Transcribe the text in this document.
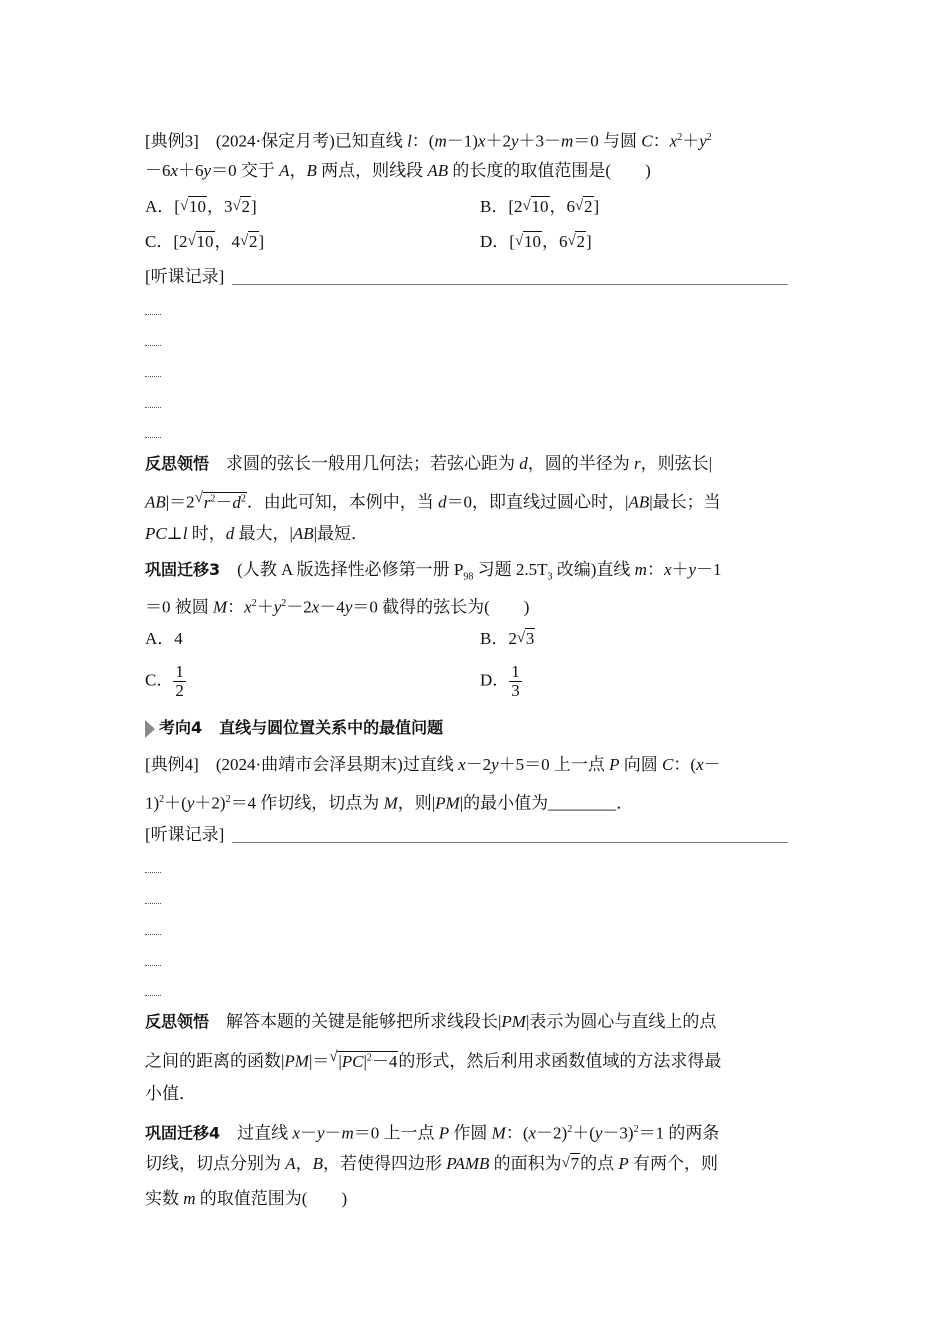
[典例3]　 (2024·保定月考)已知直线 l：(m－1)x＋2y＋3－m＝0 与圆 C：$x^2+y^2$
－6x＋6y＝0 交于 A，B 两点，则线段 AB 的长度的取值范围是(　　)
A．[ √ 10，3 √ 2]	B．[2 √ 10，6 √ 2]
C．[2 √ 10，4 √ 2]	D．[ √ 10，6 √ 2]
[听课记录]
反思领悟　求圆的弦长一般用几何法；若弦心距为 d，圆的半径为 r，则弦长|
AB|＝2 √ $r^2-d^2$．由此可知，本例中，当 d＝0，即直线过圆心时，|AB|最长；当
PC⊥l 时，d 最大，|AB|最短．
巩固迁移3　(人教 A 版选择性必修第一册 $P_{98}$ 习题 $2.5T_3$ 改编)直线 m：x＋y－1
＝0 被圆 M：$x^2+y^2-2x-4y=0$ 截得的弦长为(　　)
A．4	B．2 √ 3
C． $\frac{1}{2}$	D． $\frac{1}{3}$
考向4　 直线与圆位置关系中的最值问题
[典例4]　 (2024·曲靖市会泽县期末)过直线 x－2y＋5＝0 上一点 P 向圆 C：(x－
$1)^2+(y+2)^2=4$ 作切线，切点为 M，则|PM|的最小值为________．
[听课记录]
反思领悟　解答本题的关键是能够把所求线段长|PM|表示为圆心与直线上的点
之间的距离的函数|PM|＝ √ $|PC|^2-4$的形式，然后利用求函数值域的方法求得最
小值．
巩固迁移4　过直线 x－y－m＝0 上一点 P 作圆 M：$(x-2)^2+(y-3)^2=1$ 的两条
切线，切点分别为 A，B，若使得四边形 PAMB 的面积为 √ 7的点 P 有两个，则
实数 m 的取值范围为(　　)
